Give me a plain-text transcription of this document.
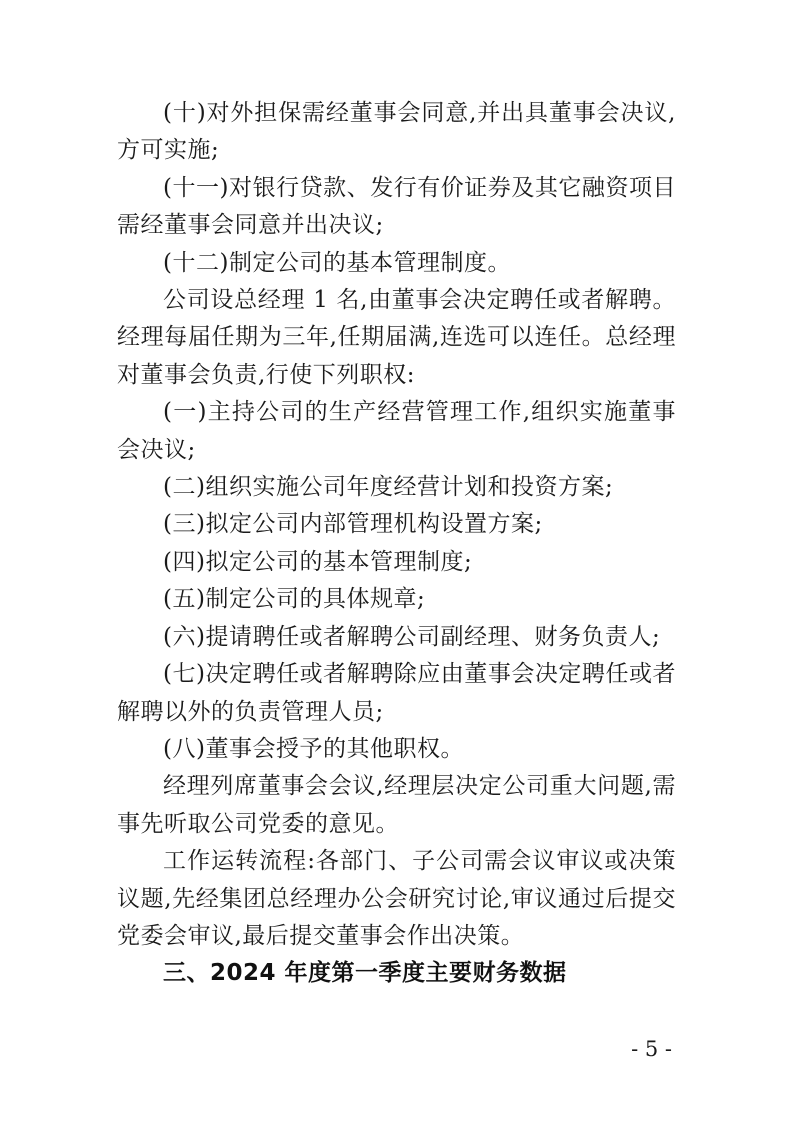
(十)对外担保需经董事会同意,并出具董事会决议,方可实施;

(十一)对银行贷款、发行有价证券及其它融资项目需经董事会同意并出决议;

(十二)制定公司的基本管理制度。

公司设总经理 1 名,由董事会决定聘任或者解聘。经理每届任期为三年,任期届满,连选可以连任。总经理对董事会负责,行使下列职权:

(一)主持公司的生产经营管理工作,组织实施董事会决议;

(二)组织实施公司年度经营计划和投资方案;

(三)拟定公司内部管理机构设置方案;

(四)拟定公司的基本管理制度;

(五)制定公司的具体规章;

(六)提请聘任或者解聘公司副经理、财务负责人;

(七)决定聘任或者解聘除应由董事会决定聘任或者解聘以外的负责管理人员;

(八)董事会授予的其他职权。

经理列席董事会会议,经理层决定公司重大问题,需事先听取公司党委的意见。

工作运转流程:各部门、子公司需会议审议或决策议题,先经集团总经理办公会研究讨论,审议通过后提交党委会审议,最后提交董事会作出决策。

三、2024 年度第一季度主要财务数据

- 5 -
